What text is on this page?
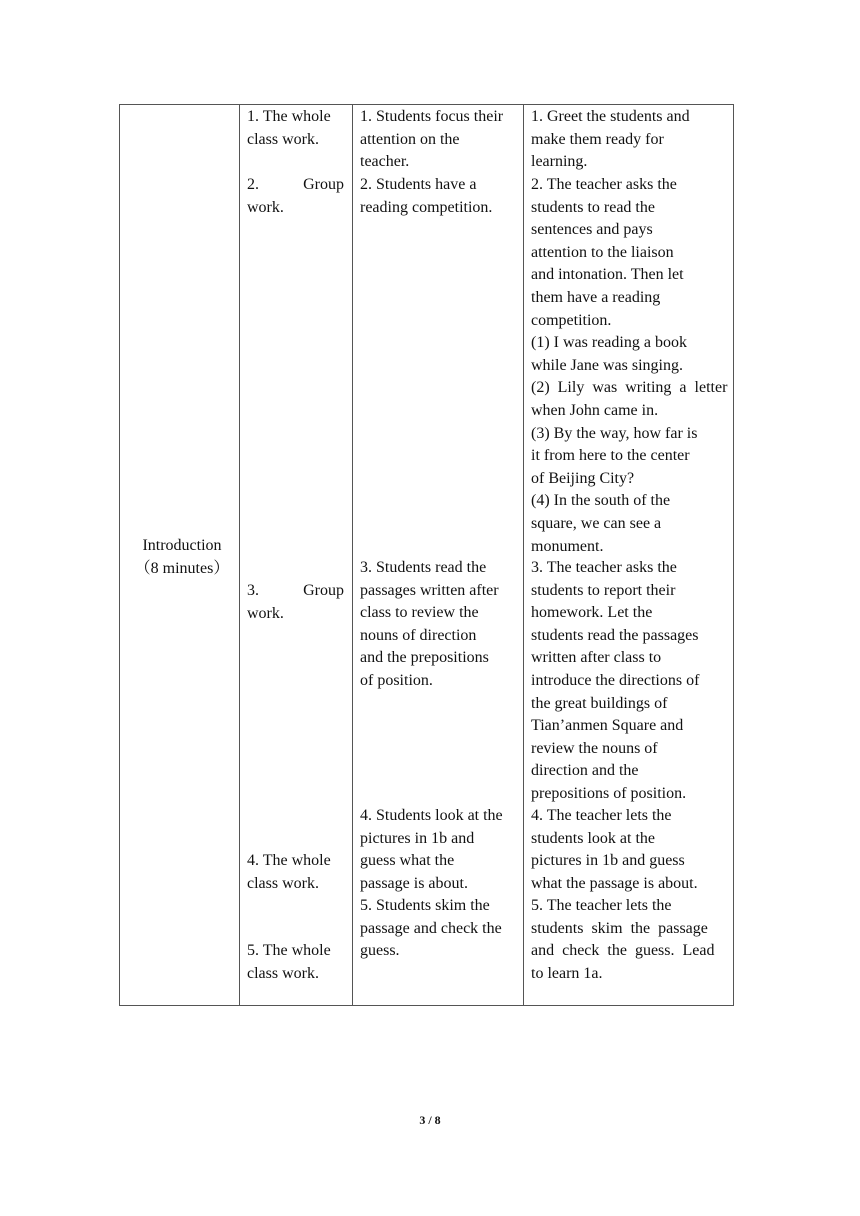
Introduction
（8 minutes）
1. The whole
class work.
2.	Group
work.
3.	Group
work.
4. The whole
class work.
5. The whole
class work.
1. Students focus their
attention on the
teacher.
2. Students have a
reading competition.
3. Students read the
passages written after
class to review the
nouns of direction
and the prepositions
of position.
4. Students look at the
pictures in 1b and
guess what the
passage is about.
5. Students skim the
passage and check the
guess.
1. Greet the students and
make them ready for
learning.
2. The teacher asks the
students to read the
sentences and pays
attention to the liaison
and intonation. Then let
them have a reading
competition.
(1) I was reading a book
while Jane was singing.
(2)  Lily  was  writing  a  letter
when John came in.
(3) By the way, how far is
it from here to the center
of Beijing City?
(4) In the south of the
square, we can see a
monument.
3. The teacher asks the
students to report their
homework. Let the
students read the passages
written after class to
introduce the directions of
the great buildings of
Tian’anmen Square and
review the nouns of
direction and the
prepositions of position.
4. The teacher lets the
students look at the
pictures in 1b and guess
what the passage is about.
5. The teacher lets the
students  skim  the  passage
and  check  the  guess.  Lead
to learn 1a.
3 / 8
